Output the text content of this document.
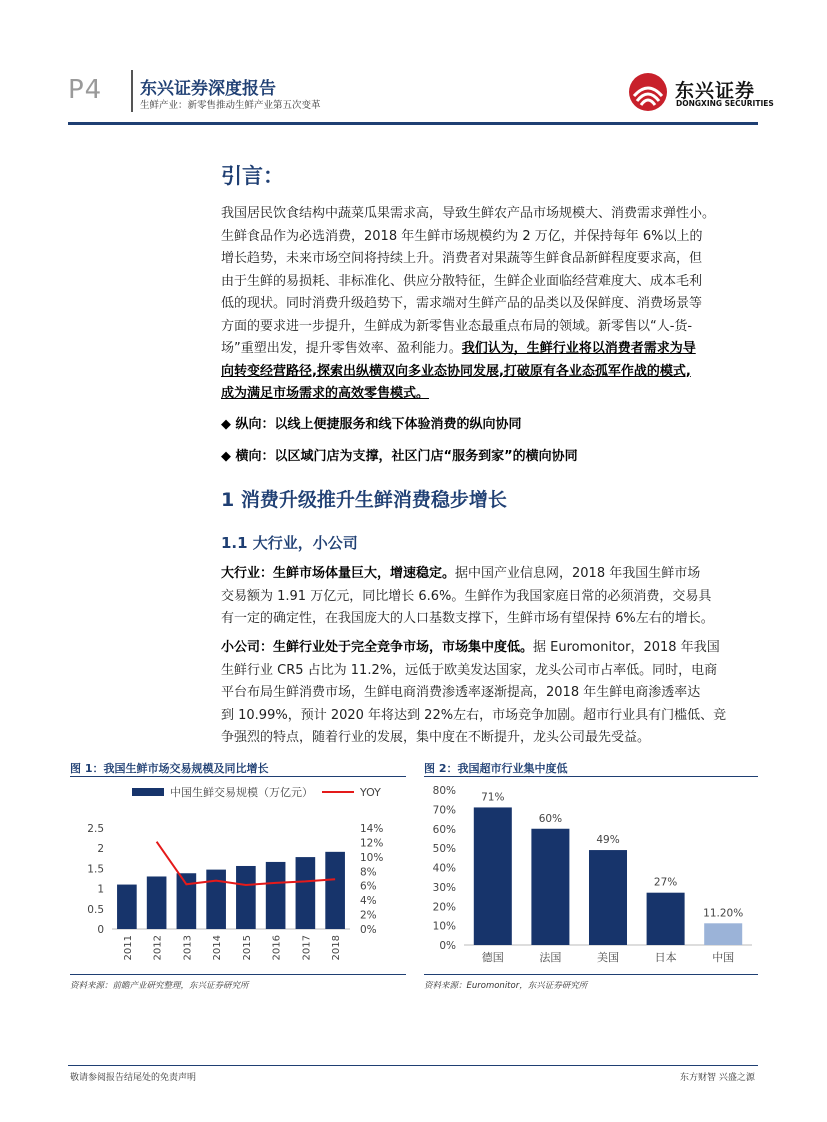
P4 东兴证券深度报告
生鲜产业：新零售推动生鲜产业第五次变革
东兴证券
DONGXING SECURITIES
引言：
我国居民饮食结构中蔬菜瓜果需求高，导致生鲜农产品市场规模大、消费需求弹性小。
生鲜食品作为必选消费，2018 年生鲜市场规模约为 2 万亿，并保持每年 6%以上的
增长趋势，未来市场空间将持续上升。消费者对果蔬等生鲜食品新鲜程度要求高，但
由于生鲜的易损耗、非标准化、供应分散特征，生鲜企业面临经营难度大、成本毛利
低的现状。同时消费升级趋势下，需求端对生鲜产品的品类以及保鲜度、消费场景等
方面的要求进一步提升，生鲜成为新零售业态最重点布局的领域。新零售以“人-货-
场”重塑出发，提升零售效率、盈利能力。我们认为，生鲜行业将以消费者需求为导
向转变经营路径,探索出纵横双向多业态协同发展,打破原有各业态孤军作战的模式,
成为满足市场需求的高效零售模式。
◆ 纵向：以线上便捷服务和线下体验消费的纵向协同
◆ 横向：以区域门店为支撑，社区门店“服务到家”的横向协同
1 消费升级推升生鲜消费稳步增长
1.1 大行业，小公司
大行业：生鲜市场体量巨大，增速稳定。据中国产业信息网，2018 年我国生鲜市场
交易额为 1.91 万亿元，同比增长 6.6%。生鲜作为我国家庭日常的必须消费，交易具
有一定的确定性，在我国庞大的人口基数支撑下，生鲜市场有望保持 6%左右的增长。
小公司：生鲜行业处于完全竞争市场，市场集中度低。据 Euromonitor，2018 年我国
生鲜行业 CR5 占比为 11.2%，远低于欧美发达国家，龙头公司市占率低。同时，电商
平台布局生鲜消费市场，生鲜电商消费渗透率逐渐提高，2018 年生鲜电商渗透率达
到 10.99%，预计 2020 年将达到 22%左右，市场竞争加剧。超市行业具有门槛低、竞
争强烈的特点，随着行业的发展，集中度在不断提升，龙头公司最先受益。
图 1：我国生鲜市场交易规模及同比增长
中国生鲜交易规模（万亿元）	YOY
0
0.5
1
1.5
2
2.5
0%
2%
4%
6%
8%
10%
12%
14%
2011 2012 2013 2014 2015 2016 2017 2018
资料来源：前瞻产业研究整理，东兴证券研究所
图 2：我国超市行业集中度低
0%
10%
20%
30%
40%
50%
60%
70%
80%
71%
德国
60%
法国
49%
美国
27%
日本
11.20%
中国
资料来源：Euromonitor，东兴证券研究所
敬请参阅报告结尾处的免责声明	东方财智 兴盛之源
